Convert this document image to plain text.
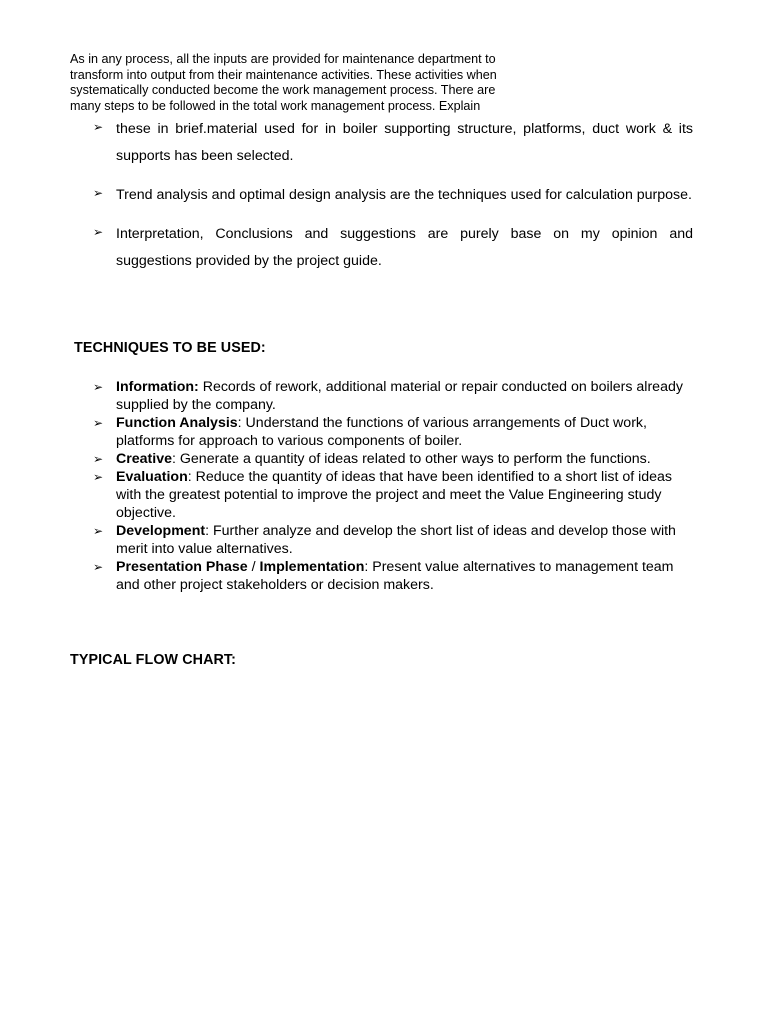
As in any process, all the inputs are provided for maintenance department to
transform into output from their maintenance activities. These activities when
systematically conducted become the work management process. There are
many steps to be followed in the total work management process. Explain
➢ these in brief.material used for in boiler supporting structure, platforms, duct work & its supports has been selected.
➢ Trend analysis and optimal design analysis are the techniques used for calculation purpose.
➢ Interpretation, Conclusions and suggestions are purely base on my opinion and suggestions provided by the project guide.
TECHNIQUES TO BE USED:
➢ Information: Records of rework, additional material or repair conducted on boilers already supplied by the company.
➢ Function Analysis: Understand the functions of various arrangements of Duct work, platforms for approach to various components of boiler.
➢ Creative: Generate a quantity of ideas related to other ways to perform the functions.
➢ Evaluation: Reduce the quantity of ideas that have been identified to a short list of ideas with the greatest potential to improve the project and meet the Value Engineering study objective.
➢ Development: Further analyze and develop the short list of ideas and develop those with merit into value alternatives.
➢ Presentation Phase / Implementation: Present value alternatives to management team and other project stakeholders or decision makers.
TYPICAL FLOW CHART:
